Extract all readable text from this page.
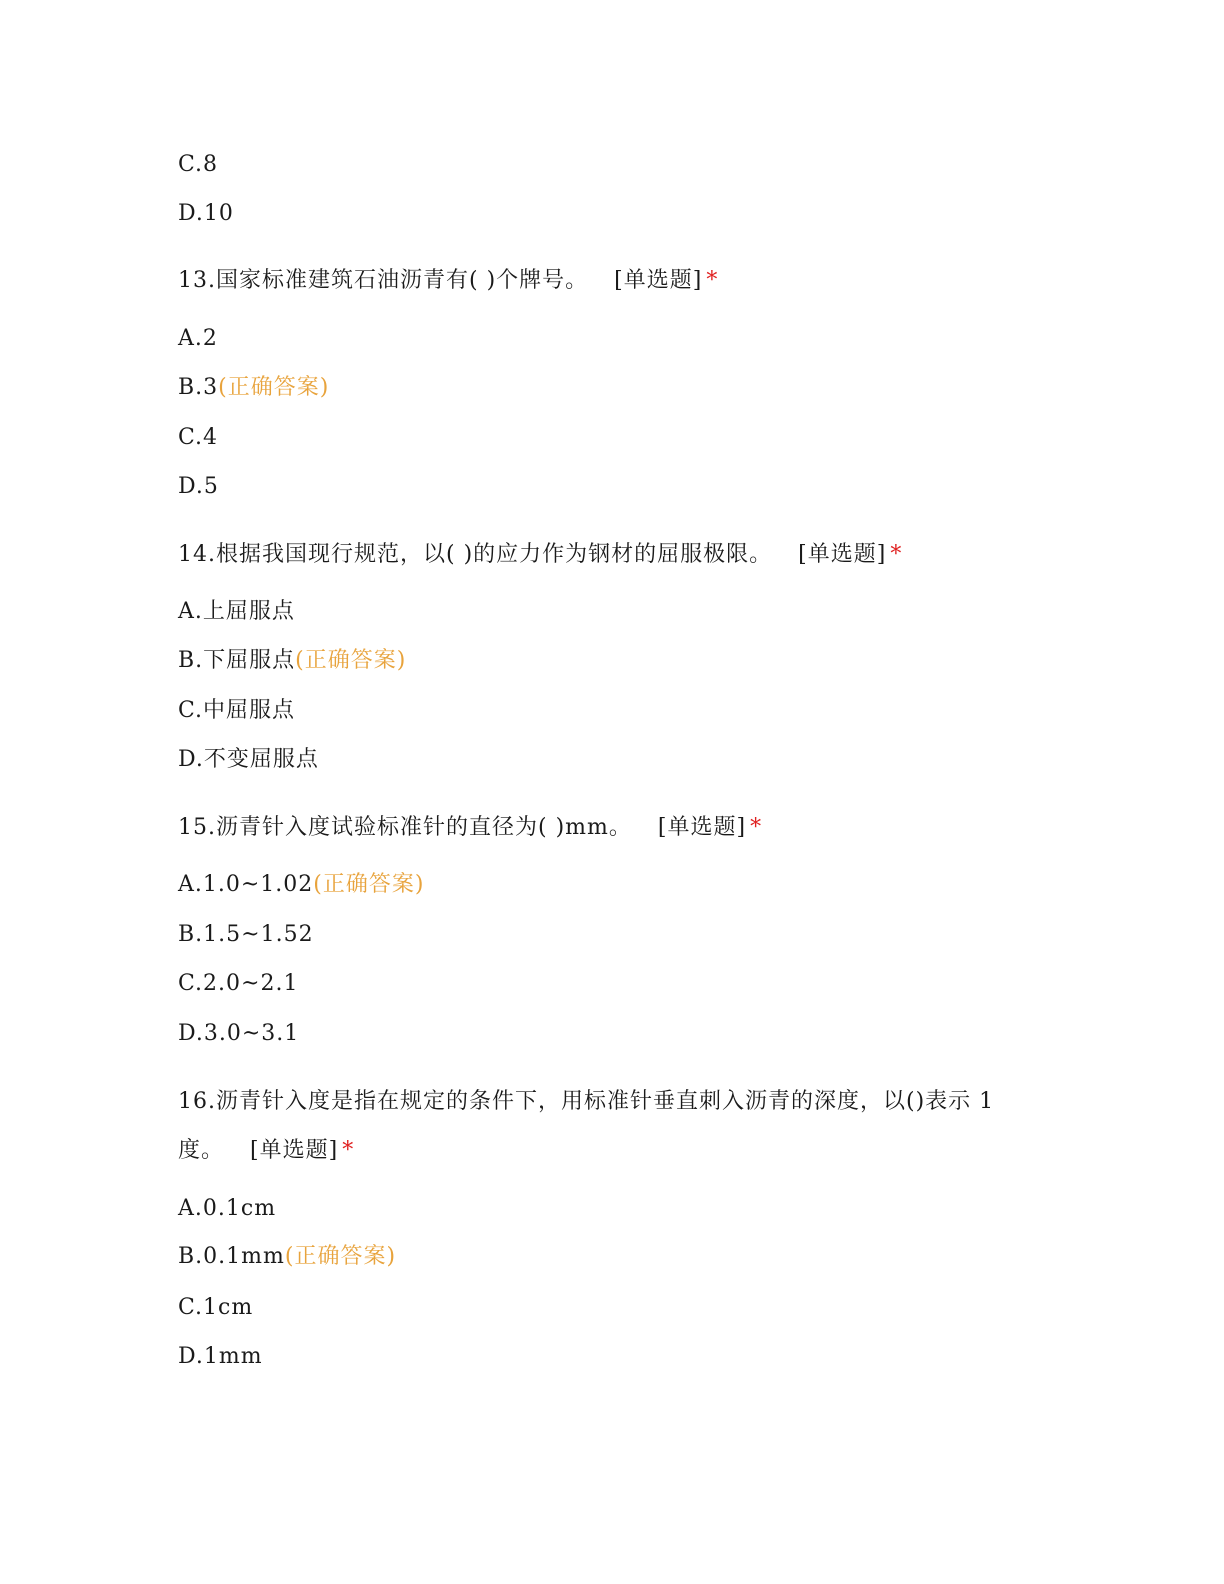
C.8
D.10
13.国家标准建筑石油沥青有( )个牌号。 [单选题] *
A.2
B.3(正确答案)
C.4
D.5
14.根据我国现行规范，以( )的应力作为钢材的屈服极限。 [单选题] *
A.上屈服点
B.下屈服点(正确答案)
C.中屈服点
D.不变屈服点
15.沥青针入度试验标准针的直径为( )mm。 [单选题] *
A.1.0~1.02(正确答案)
B.1.5~1.52
C.2.0~2.1
D.3.0~3.1
16.沥青针入度是指在规定的条件下，用标准针垂直刺入沥青的深度，以()表示 1
度。 [单选题] *
A.0.1cm
B.0.1mm(正确答案)
C.1cm
D.1mm
